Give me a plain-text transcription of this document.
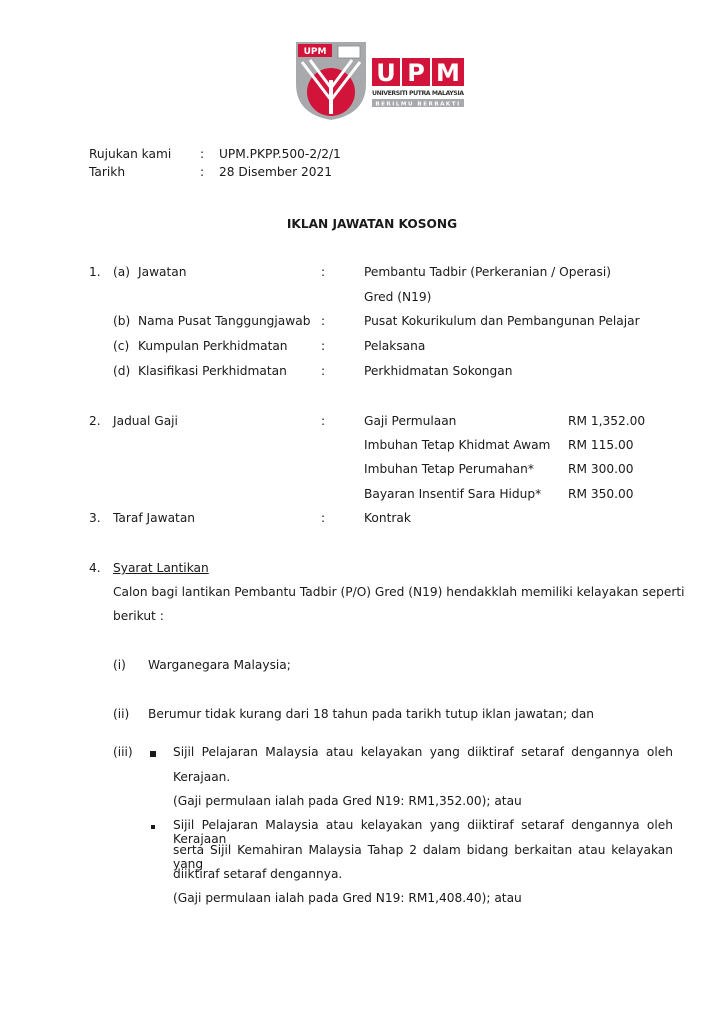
UPM
U P M
UNIVERSITI PUTRA MALAYSIA
BERILMU BERBAKTI
Rujukan kami : UPM.PKPP.500-2/2/1
Tarikh	: 28 Disember 2021
IKLAN JAWATAN KOSONG
1. (a) Jawatan	:	Pembantu Tadbir (Perkeranian / Operasi)
Gred (N19)
(b) Nama Pusat Tanggungjawab :	Pusat Kokurikulum dan Pembangunan Pelajar
(c) Kumpulan Perkhidmatan	:	Pelaksana
(d) Klasifikasi Perkhidmatan	:	Perkhidmatan Sokongan
2. Jadual Gaji	:	Gaji Permulaan	RM 1,352.00
Imbuhan Tetap Khidmat Awam RM 115.00
Imbuhan Tetap Perumahan*	RM 300.00
Bayaran Insentif Sara Hidup* RM 350.00
3. Taraf Jawatan	:	Kontrak
4. Syarat Lantikan
Calon bagi lantikan Pembantu Tadbir (P/O) Gred (N19) hendakklah memiliki kelayakan seperti
berikut :
(i) Warganegara Malaysia;
(ii) Berumur tidak kurang dari 18 tahun pada tarikh tutup iklan jawatan; dan
(iii)	Sijil Pelajaran Malaysia atau kelayakan yang diiktiraf setaraf dengannya oleh
Kerajaan.
(Gaji permulaan ialah pada Gred N19: RM1,352.00); atau
Sijil Pelajaran Malaysia atau kelayakan yang diiktiraf setaraf dengannya oleh Kerajaan
serta Sijil Kemahiran Malaysia Tahap 2 dalam bidang berkaitan atau kelayakan yang
diiktiraf setaraf dengannya.
(Gaji permulaan ialah pada Gred N19: RM1,408.40); atau
